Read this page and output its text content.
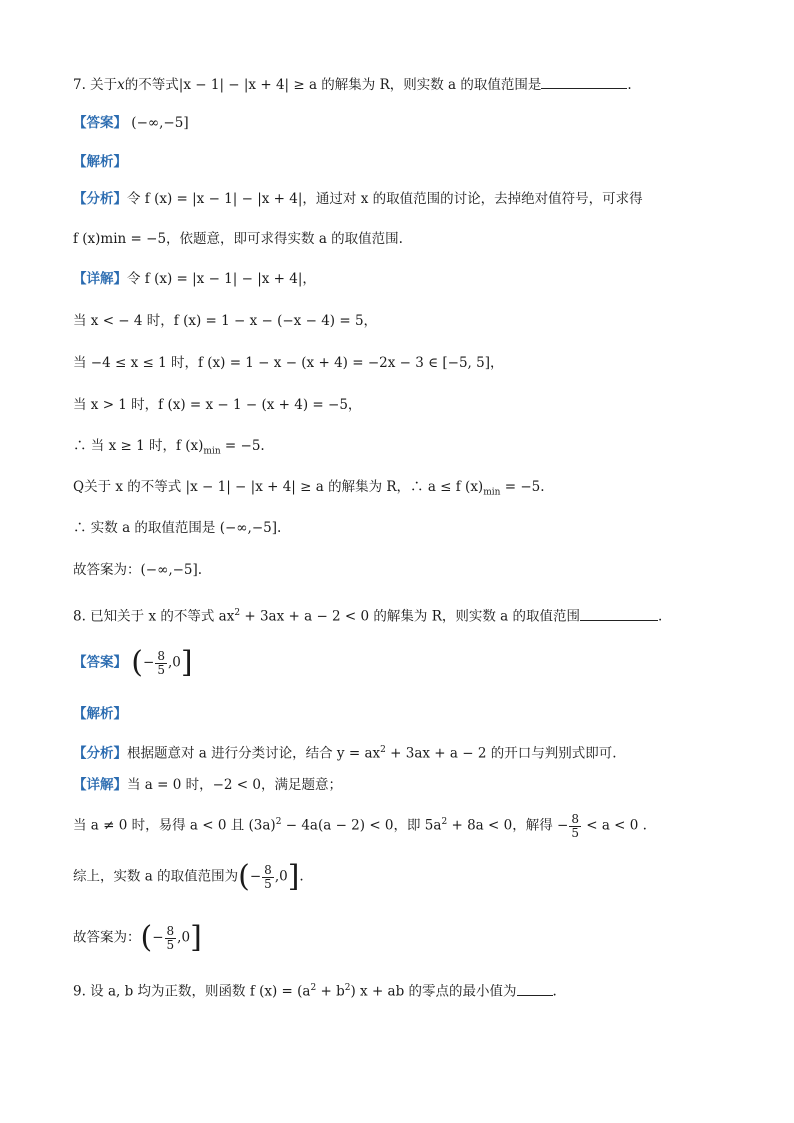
7. 关于x的不等式|x − 1| − |x + 4| ≥ a 的解集为 R，则实数 a 的取值范围是	.
【答案】 (−∞,−5]
【解析】
【分析】令 f (x) = |x − 1| − |x + 4|，通过对 x 的取值范围的讨论，去掉绝对值符号，可求得
f (x)min = −5，依题意，即可求得实数 a 的取值范围.
【详解】令 f (x) = |x − 1| − |x + 4|，
当 x < − 4 时，f (x) = 1 − x − (−x − 4) = 5，
当 −4 ≤ x ≤ 1 时，f (x) = 1 − x − (x + 4) = −2x − 3 ∈ [−5, 5]，
当 x > 1 时，f (x) = x − 1 − (x + 4) = −5，
∴ 当 x ≥ 1 时，f $(x)_{min} = -5$.
Q关于 x 的不等式 |x − 1| − |x + 4| ≥ a 的解集为 R，∴ a ≤ f $(x)_{min} = -5$.
∴ 实数 a 的取值范围是 (−∞,−5].
故答案为：(−∞,−5].
8. 已知关于 x 的不等式 $ax^2 + 3ax + a - 2 < 0$ 的解集为 R，则实数 a 的取值范围	.
【答案】 (− $\frac{8}{5} ,0$]
【解析】
【分析】根据题意对 a 进行分类讨论，结合 $y = ax^2 + 3ax + a - 2$ 的开口与判别式即可.
【详解】当 a = 0 时，−2 < 0，满足题意；
当 a ≠ 0 时，易得 a < 0 且 $(3a)^2 - 4a(a - 2) < 0$，即 $5a^2 + 8a < 0$，解得 − $\frac{8}{5} < a < 0$ .
综上，实数 a 的取值范围为(− $\frac{8}{5} ,0$].
故答案为：(− $\frac{8}{5} ,0$]
9. 设 a, b 均为正数，则函数 f $(x) = (a^2 + b^2) x$ + ab 的零点的最小值为	.
